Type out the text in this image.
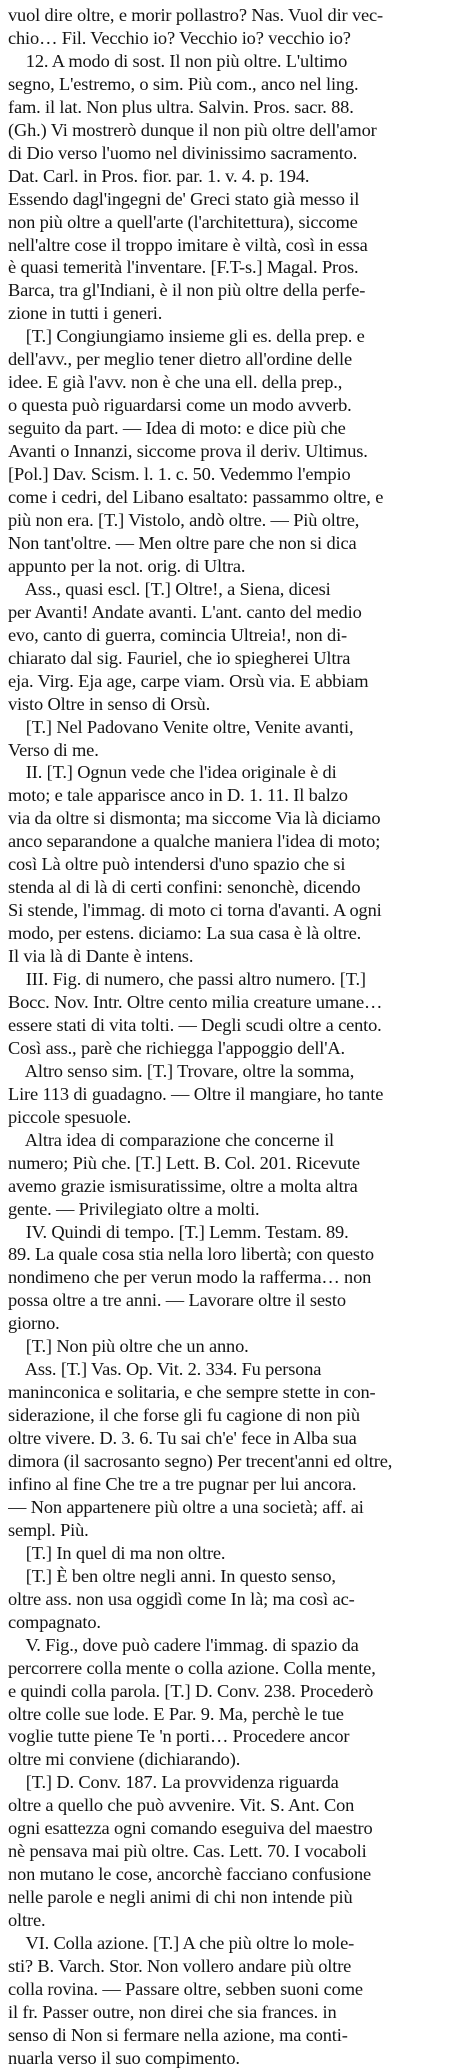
vuol dire oltre, e morir pollastro? Nas. Vuol dir vec-
chio… Fil. Vecchio io? Vecchio io? vecchio io?
12. A modo di sost. Il non più oltre. L'ultimo
segno, L'estremo, o sim. Più com., anco nel ling.
fam. il lat. Non plus ultra. Salvin. Pros. sacr. 88.
(Gh.) Vi mostrerò dunque il non più oltre dell'amor
di Dio verso l'uomo nel divinissimo sacramento.
Dat. Carl. in Pros. fior. par. 1. v. 4. p. 194.
Essendo dagl'ingegni de' Greci stato già messo il
non più oltre a quell'arte (l'architettura), siccome
nell'altre cose il troppo imitare è viltà, così in essa
è quasi temerità l'inventare. [F.T-s.] Magal. Pros.
Barca, tra gl'Indiani, è il non più oltre della perfe-
zione in tutti i generi.
[T.] Congiungiamo insieme gli es. della prep. e
dell'avv., per meglio tener dietro all'ordine delle
idee. E già l'avv. non è che una ell. della prep.,
o questa può riguardarsi come un modo avverb.
seguito da part. — Idea di moto: e dice più che
Avanti o Innanzi, siccome prova il deriv. Ultimus.
[Pol.] Dav. Scism. l. 1. c. 50. Vedemmo l'empio
come i cedri, del Libano esaltato: passammo oltre, e
più non era. [T.] Vistolo, andò oltre. — Più oltre,
Non tant'oltre. — Men oltre pare che non si dica
appunto per la not. orig. di Ultra.
Ass., quasi escl. [T.] Oltre!, a Siena, dicesi
per Avanti! Andate avanti. L'ant. canto del medio
evo, canto di guerra, comincia Ultreia!, non di-
chiarato dal sig. Fauriel, che io spiegherei Ultra
eja. Virg. Eja age, carpe viam. Orsù via. E abbiam
visto Oltre in senso di Orsù.
[T.] Nel Padovano Venite oltre, Venite avanti,
Verso di me.
II. [T.] Ognun vede che l'idea originale è di
moto; e tale apparisce anco in D. 1. 11. Il balzo
via da oltre si dismonta; ma siccome Via là diciamo
anco separandone a qualche maniera l'idea di moto;
così Là oltre può intendersi d'uno spazio che si
stenda al di là di certi confini: senonchè, dicendo
Si stende, l'immag. di moto ci torna d'avanti. A ogni
modo, per estens. diciamo: La sua casa è là oltre.
Il via là di Dante è intens.
III. Fig. di numero, che passi altro numero. [T.]
Bocc. Nov. Intr. Oltre cento milia creature umane…
essere stati di vita tolti. — Degli scudi oltre a cento.
Così ass., parè che richiegga l'appoggio dell'A.
Altro senso sim. [T.] Trovare, oltre la somma,
Lire 113 di guadagno. — Oltre il mangiare, ho tante
piccole spesuole.
Altra idea di comparazione che concerne il
numero; Più che. [T.] Lett. B. Col. 201. Ricevute
avemo grazie ismisuratissime, oltre a molta altra
gente. — Privilegiato oltre a molti.
IV. Quindi di tempo. [T.] Lemm. Testam. 89.
89. La quale cosa stia nella loro libertà; con questo
nondimeno che per verun modo la rafferma… non
possa oltre a tre anni. — Lavorare oltre il sesto
giorno.
[T.] Non più oltre che un anno.
Ass. [T.] Vas. Op. Vit. 2. 334. Fu persona
maninconica e solitaria, e che sempre stette in con-
siderazione, il che forse gli fu cagione di non più
oltre vivere. D. 3. 6. Tu sai ch'e' fece in Alba sua
dimora (il sacrosanto segno) Per trecent'anni ed oltre,
infino al fine Che tre a tre pugnar per lui ancora.
— Non appartenere più oltre a una società; aff. ai
sempl. Più.
[T.] In quel di ma non oltre.
[T.] È ben oltre negli anni. In questo senso,
oltre ass. non usa oggidì come In là; ma così ac-
compagnato.
V. Fig., dove può cadere l'immag. di spazio da
percorrere colla mente o colla azione. Colla mente,
e quindi colla parola. [T.] D. Conv. 238. Procederò
oltre colle sue lode. E Par. 9. Ma, perchè le tue
voglie tutte piene Te 'n porti… Procedere ancor
oltre mi conviene (dichiarando).
[T.] D. Conv. 187. La provvidenza riguarda
oltre a quello che può avvenire. Vit. S. Ant. Con
ogni esattezza ogni comando eseguiva del maestro
nè pensava mai più oltre. Cas. Lett. 70. I vocaboli
non mutano le cose, ancorchè facciano confusione
nelle parole e negli animi di chi non intende più
oltre.
VI. Colla azione. [T.] A che più oltre lo mole-
sti? B. Varch. Stor. Non vollero andare più oltre
colla rovina. — Passare oltre, sebben suoni come
il fr. Passer outre, non direi che sia frances. in
senso di Non si fermare nella azione, ma conti-
nuarla verso il suo compimento.
